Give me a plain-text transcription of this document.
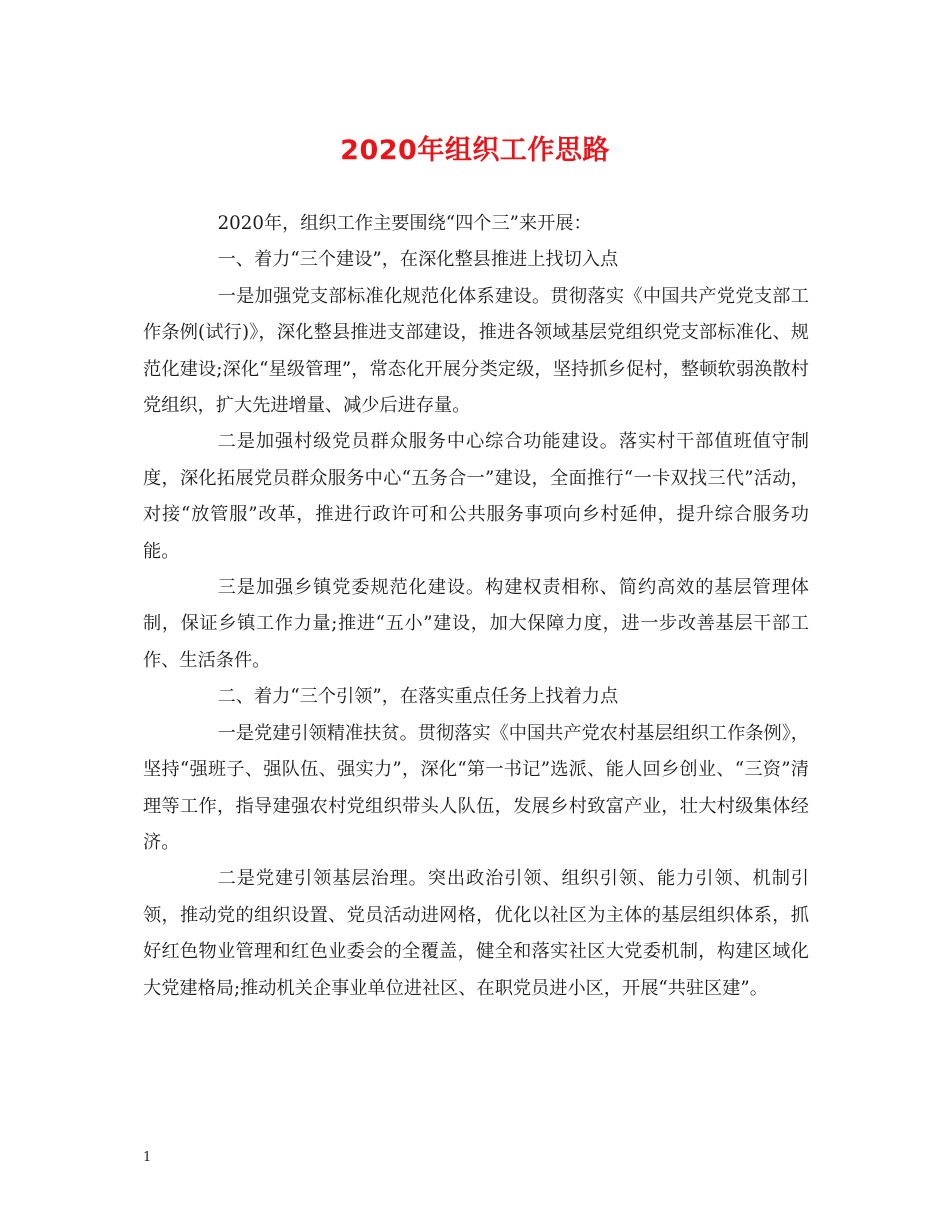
2020年组织工作思路

2020年，组织工作主要围绕“四个三”来开展：

一、着力“三个建设”，在深化整县推进上找切入点

一是加强党支部标准化规范化体系建设。贯彻落实《中国共产党党支部工作条例(试行)》，深化整县推进支部建设，推进各领域基层党组织党支部标准化、规范化建设;深化“星级管理”，常态化开展分类定级，坚持抓乡促村，整顿软弱涣散村党组织，扩大先进增量、减少后进存量。

二是加强村级党员群众服务中心综合功能建设。落实村干部值班值守制度，深化拓展党员群众服务中心“五务合一”建设，全面推行“一卡双找三代”活动，对接“放管服”改革，推进行政许可和公共服务事项向乡村延伸，提升综合服务功能。

三是加强乡镇党委规范化建设。构建权责相称、简约高效的基层管理体制，保证乡镇工作力量;推进“五小”建设，加大保障力度，进一步改善基层干部工作、生活条件。

二、着力“三个引领”，在落实重点任务上找着力点

一是党建引领精准扶贫。贯彻落实《中国共产党农村基层组织工作条例》，坚持“强班子、强队伍、强实力”，深化“第一书记”选派、能人回乡创业、“三资”清理等工作，指导建强农村党组织带头人队伍，发展乡村致富产业，壮大村级集体经济。

二是党建引领基层治理。突出政治引领、组织引领、能力引领、机制引领，推动党的组织设置、党员活动进网格，优化以社区为主体的基层组织体系，抓好红色物业管理和红色业委会的全覆盖，健全和落实社区大党委机制，构建区域化大党建格局;推动机关企事业单位进社区、在职党员进小区，开展“共驻区建”。

1
